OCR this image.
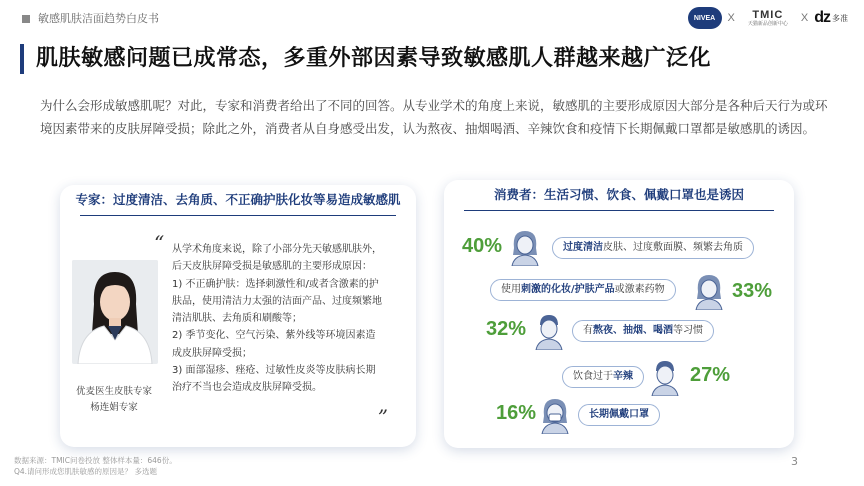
敏感肌肤洁面趋势白皮书	NIVEA	X TMIC
天猫新品创新中心 X dz 多准
肌肤敏感问题已成常态，多重外部因素导致敏感肌人群越来越广泛化
为什么会形成敏感肌呢？对此，专家和消费者给出了不同的回答。从专业学术的角度上来说，敏感肌的主要形成原因大部分是各种后天行为或环境因素带来的皮肤屏障受损；除此之外，消费者从自身感受出发，认为熬夜、抽烟喝酒、辛辣饮食和疫情下长期佩戴口罩都是敏感肌的诱因。
专家：过度清洁、去角质、不正确护肤化妆等易造成敏感肌
“
优麦医生皮肤专家
杨连娟专家
从学术角度来说，除了小部分先天敏感肌肤外，
后天皮肤屏障受损是敏感肌的主要形成原因：
1) 不正确护肤：选择刺激性和/或者含激素的护
肤品，使用清洁力太强的洁面产品、过度频繁地
清洁肌肤、去角质和刷酸等；
2) 季节变化、空气污染、紫外线等环境因素造
成皮肤屏障受损；
3) 面部湿疹、痤疮、过敏性皮炎等皮肤病长期
治疗不当也会造成皮肤屏障受损。
”
消费者：生活习惯、饮食、佩戴口罩也是诱因
40%	过度清洁皮肤、过度敷面膜、频繁去角质
使用刺激的化妆/护肤产品或激素药物	33%
32%	有熬夜、抽烟、喝酒等习惯
饮食过于辛辣	27%
16%	长期佩戴口罩
数据来源：TMIC问卷投放 整体样本量：646份。
Q4.请问形成您肌肤敏感的原因是？ 多选题
3
